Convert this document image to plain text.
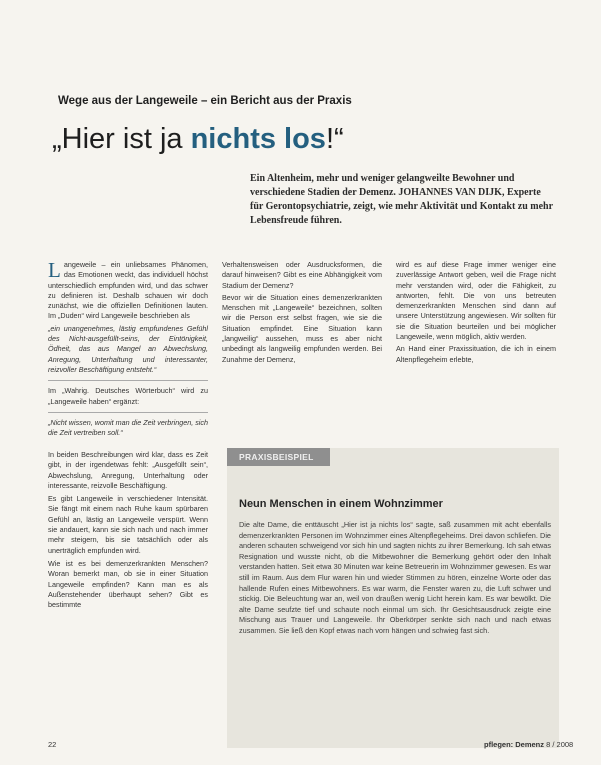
Wege aus der Langeweile – ein Bericht aus der Praxis
„Hier ist ja nichts los!“
Ein Altenheim, mehr und weniger gelangweilte Bewohner und verschiedene Stadien der Demenz. JOHANNES VAN DIJK, Experte für Gerontopsychiatrie, zeigt, wie mehr Aktivität und Kontakt zu mehr Lebensfreude führen.

Langeweile – ein unliebsames Phänomen, das Emotionen weckt, das individuell höchst unterschiedlich empfunden wird, und das schwer zu definieren ist. Deshalb schauen wir doch zunächst, wie die offiziellen Definitionen lauten. Im „Duden“ wird Langeweile beschrieben als

„ein unangenehmes, lästig empfundenes Gefühl des Nicht-ausgefüllt-seins, der Eintönigkeit, Ödheit, das aus Mangel an Abwechslung, Anregung, Unterhaltung und interessanter, reizvoller Beschäftigung entsteht.“

Im „Wahrig. Deutsches Wörterbuch“ wird zu „Langeweile haben“ ergänzt:

„Nicht wissen, womit man die Zeit verbringen, sich die Zeit vertreiben soll.“

Verhaltensweisen oder Ausdrucksformen, die darauf hinweisen? Gibt es eine Abhängigkeit vom Stadium der Demenz?

Bevor wir die Situation eines demenzerkrankten Menschen mit „Langeweile“ bezeichnen, sollten wir die Person erst selbst fragen, wie sie die Situation empfindet. Eine Situation kann „langweilig“ aussehen, muss es aber nicht unbedingt als langweilig empfunden werden. Bei Zunahme der Demenz,

wird es auf diese Frage immer weniger eine zuverlässige Antwort geben, weil die Frage nicht mehr verstanden wird, oder die Fähigkeit, zu antworten, fehlt. Die von uns betreuten demenzerkrankten Menschen sind dann auf unsere Unterstützung angewiesen. Wir sollten für sie die Situation beurteilen und bei möglicher Langeweile, wenn möglich, aktiv werden.

An Hand einer Praxissituation, die ich in einem Altenpflegeheim erlebte,

In beiden Beschreibungen wird klar, dass es Zeit gibt, in der irgendetwas fehlt: „Ausgefüllt sein“, Abwechslung, Anregung, Unterhaltung oder interessante, reizvolle Beschäftigung.

Es gibt Langeweile in verschiedener Intensität. Sie fängt mit einem nach Ruhe kaum spürbaren Gefühl an, lästig an Langeweile verspürt. Wenn sie andauert, kann sie sich nach und nach immer mehr steigern, bis sie tatsächlich oder als unerträglich empfunden wird.

Wie ist es bei demenzerkrankten Menschen? Woran bemerkt man, ob sie in einer Situation Langeweile empfinden? Kann man es als Außenstehender überhaupt sehen? Gibt es bestimmte

PRAXISBEISPIEL
Neun Menschen in einem Wohnzimmer

Die alte Dame, die enttäuscht „Hier ist ja nichts los“ sagte, saß zusammen mit acht ebenfalls demenzerkrankten Personen im Wohnzimmer eines Altenpflegeheims. Drei davon schliefen. Die anderen schauten schweigend vor sich hin und sagten nichts zu ihrer Bemerkung. Ich sah etwas Resignation und wusste nicht, ob die Mitbewohner die Bemerkung gehört oder den Inhalt verstanden hatten. Seit etwa 30 Minuten war keine Betreuerin im Wohnzimmer gewesen. Es war still im Raum. Aus dem Flur waren hin und wieder Stimmen zu hören, einzelne Worte oder das hallende Rufen eines Mitbewohners. Es war warm, die Fenster waren zu, die Luft schwer und stickig. Die Beleuchtung war an, weil von draußen wenig Licht herein kam. Es war bewölkt. Die alte Dame seufzte tief und schaute noch einmal um sich. Ihr Gesichtsausdruck zeigte eine Mischung aus Trauer und Langeweile. Ihr Oberkörper senkte sich nach und nach etwas zusammen. Sie ließ den Kopf etwas nach vorn hängen und schwieg fast sich.

22	pflegen: Demenz 8 / 2008
